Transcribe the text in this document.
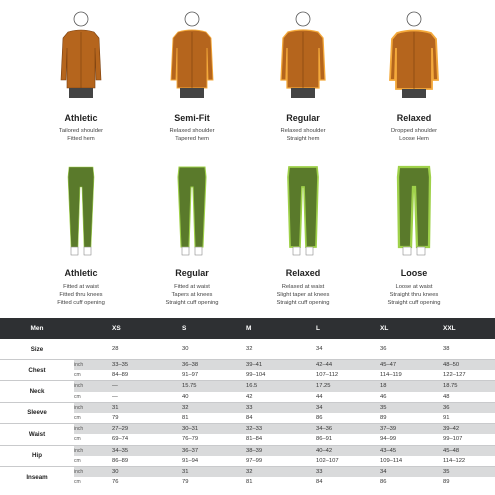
Athletic
Tailored shoulder
Fitted hem
Semi-Fit
Relaxed shoulder
Tapered hem
Regular
Relaxed shoulder
Straight hem
Relaxed
Dropped shoulder
Loose Hem
Athletic
Fitted at waist
Fitted thru knees
Fitted cuff opening
Regular
Fitted at waist
Tapers at knees
Straight cuff opening
Relaxed
Relaxed at waist
Slight taper at knees
Straight cuff opening
Loose
Loose at waist
Straight thru knees
Straight cuff opening
Men		XS	S	M	L	XL	XXL
Size		28	30	32	34	36	38
Chest	inch	33–35	36–38	39–41	42–44	45–47	48–50
	cm	84–89	91–97	99–104	107–112	114–119	122–127
Neck	inch	—	15.75	16.5	17.25	18	18.75
	cm	—	40	42	44	46	48
Sleeve	inch	31	32	33	34	35	36
	cm	79	81	84	86	89	91
Waist	inch	27–29	30–31	32–33	34–36	37–39	39–42
	cm	69–74	76–79	81–84	86–91	94–99	99–107
Hip	inch	34–35	36–37	38–39	40–42	43–45	45–48
	cm	86–89	91–94	97–99	102–107	109–114	114–122
Inseam	inch	30	31	32	33	34	35
	cm	76	79	81	84	86	89
